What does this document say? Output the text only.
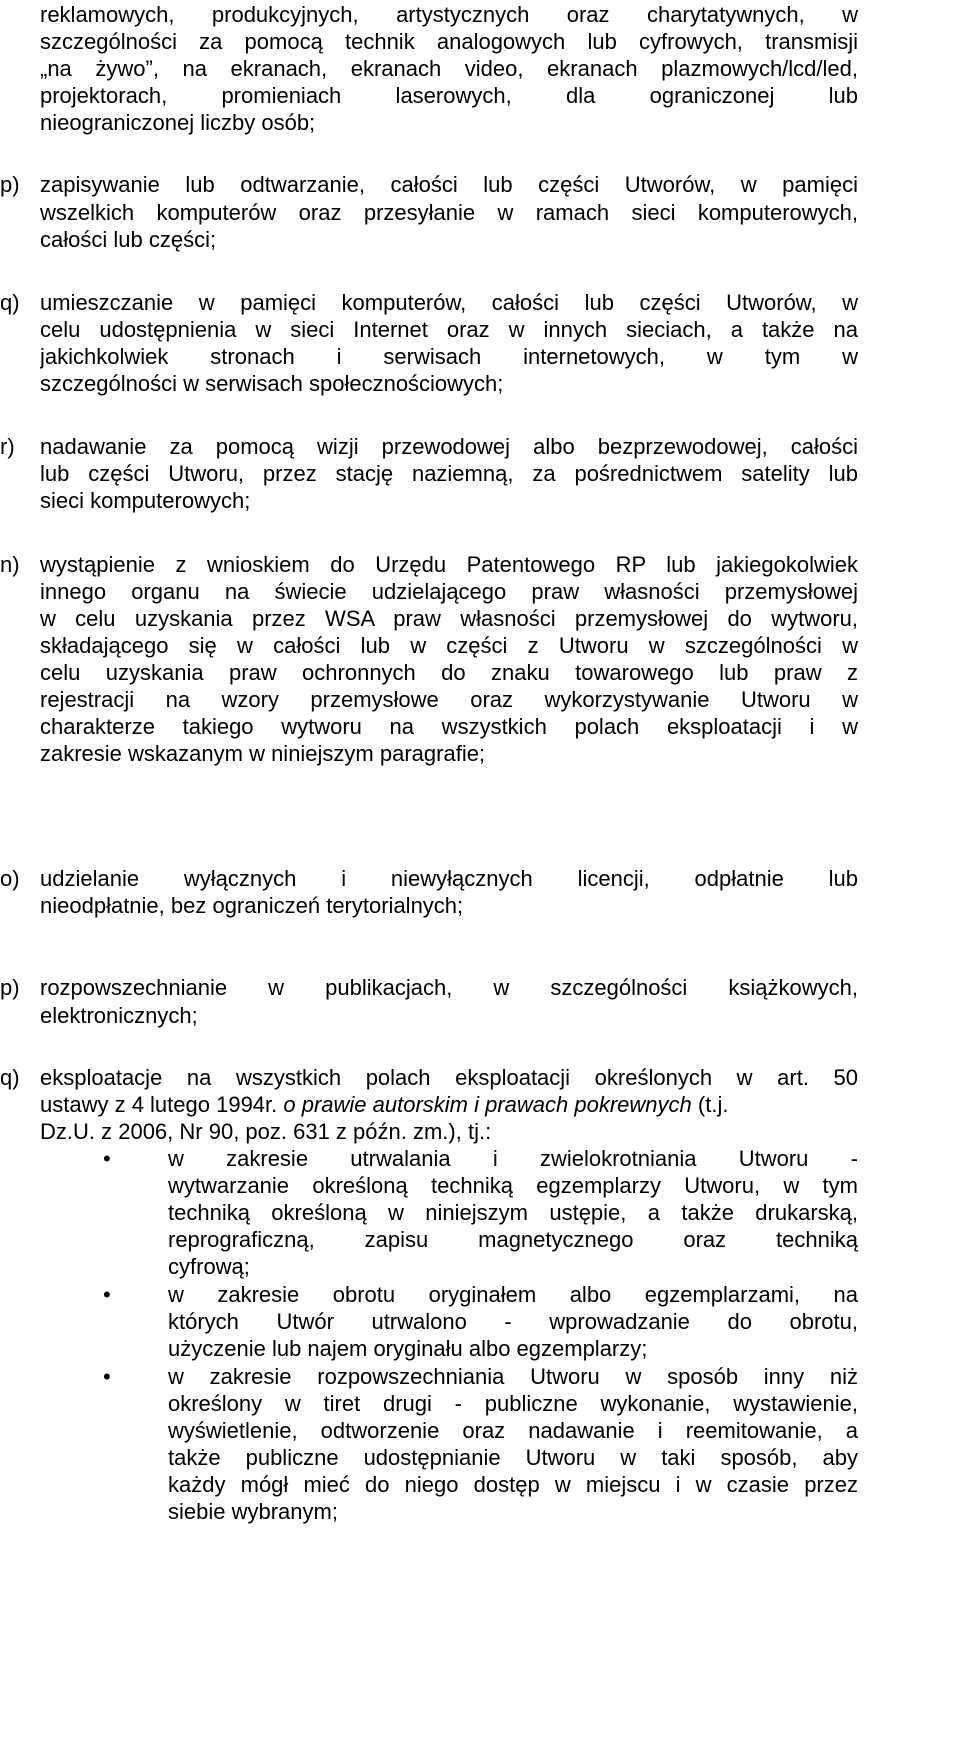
reklamowych, produkcyjnych, artystycznych oraz charytatywnych, w
szczególności za pomocą technik analogowych lub cyfrowych, transmisji
„na żywo”, na ekranach, ekranach video, ekranach plazmowych/lcd/led,
projektorach, promieniach laserowych, dla ograniczonej lub
nieograniczonej liczby osób;
p) zapisywanie lub odtwarzanie, całości lub części Utworów, w pamięci
wszelkich komputerów oraz przesyłanie w ramach sieci komputerowych,
całości lub części;
q) umieszczanie w pamięci komputerów, całości lub części Utworów, w
celu udostępnienia w sieci Internet oraz w innych sieciach, a także na
jakichkolwiek stronach i serwisach internetowych, w tym w
szczególności w serwisach społecznościowych;
r) nadawanie za pomocą wizji przewodowej albo bezprzewodowej, całości
lub części Utworu, przez stację naziemną, za pośrednictwem satelity lub
sieci komputerowych;
n) wystąpienie z wnioskiem do Urzędu Patentowego RP lub jakiegokolwiek
innego organu na świecie udzielającego praw własności przemysłowej
w celu uzyskania przez WSA praw własności przemysłowej do wytworu,
składającego się w całości lub w części z Utworu w szczególności w
celu uzyskania praw ochronnych do znaku towarowego lub praw z
rejestracji na wzory przemysłowe oraz wykorzystywanie Utworu w
charakterze takiego wytworu na wszystkich polach eksploatacji i w
zakresie wskazanym w niniejszym paragrafie;
o) udzielanie wyłącznych i niewyłącznych licencji, odpłatnie lub
nieodpłatnie, bez ograniczeń terytorialnych;
p) rozpowszechnianie w publikacjach, w szczególności książkowych,
elektronicznych;
q) eksploatacje na wszystkich polach eksploatacji określonych w art. 50
ustawy z 4 lutego 1994r. o prawie autorskim i prawach pokrewnych (t.j.
Dz.U. z 2006, Nr 90, poz. 631 z późn. zm.), tj.:
•	w zakresie utrwalania i zwielokrotniania Utworu -
wytwarzanie określoną techniką egzemplarzy Utworu, w tym
techniką określoną w niniejszym ustępie, a także drukarską,
reprograficzną, zapisu magnetycznego oraz techniką
cyfrową;
•	w zakresie obrotu oryginałem albo egzemplarzami, na
których Utwór utrwalono - wprowadzanie do obrotu,
użyczenie lub najem oryginału albo egzemplarzy;
•	w zakresie rozpowszechniania Utworu w sposób inny niż
określony w tiret drugi - publiczne wykonanie, wystawienie,
wyświetlenie, odtworzenie oraz nadawanie i reemitowanie, a
także publiczne udostępnianie Utworu w taki sposób, aby
każdy mógł mieć do niego dostęp w miejscu i w czasie przez
siebie wybranym;
